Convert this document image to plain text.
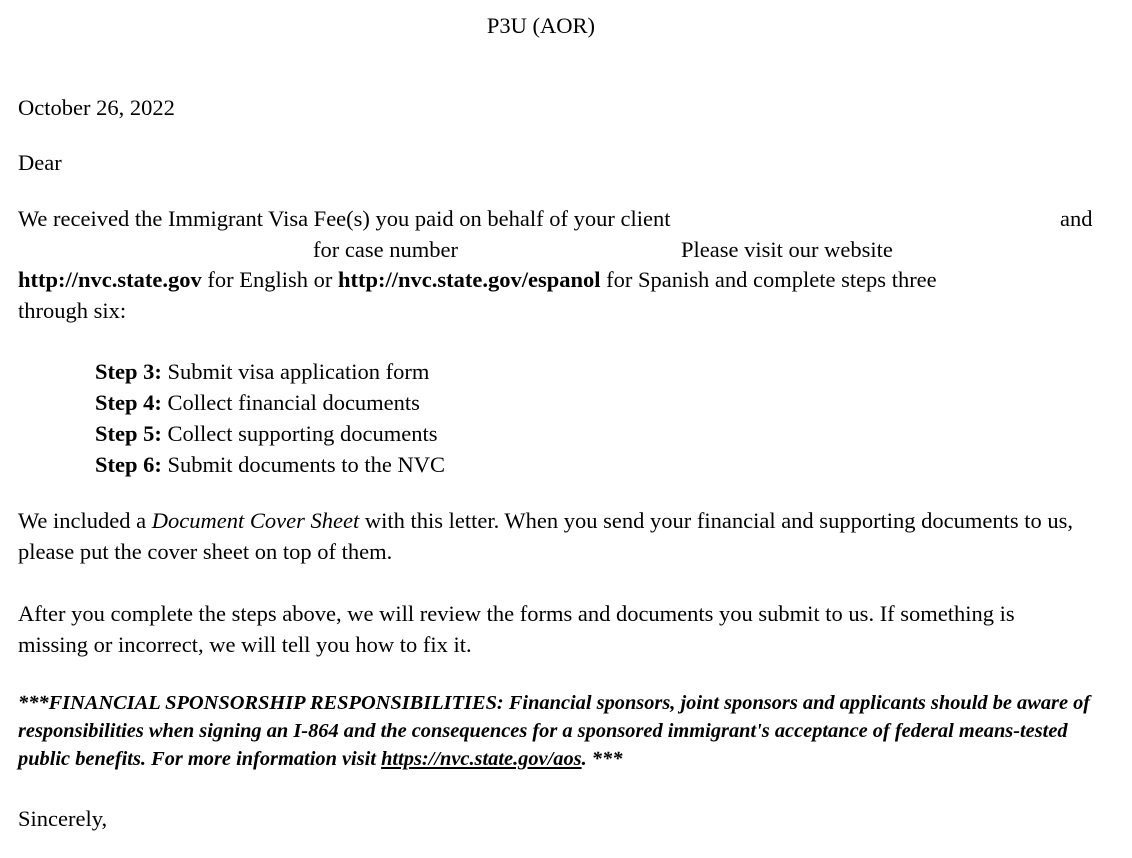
P3U (AOR)
October 26, 2022
Dear
We received the Immigrant Visa Fee(s) you paid on behalf of your client	and
for case number	Please visit our website
http://nvc.state.gov for English or http://nvc.state.gov/espanol for Spanish and complete steps three
through six:
Step 3: Submit visa application form
Step 4: Collect financial documents
Step 5: Collect supporting documents
Step 6: Submit documents to the NVC
We included a Document Cover Sheet with this letter. When you send your financial and supporting documents to us, please put the cover sheet on top of them.
After you complete the steps above, we will review the forms and documents you submit to us. If something is missing or incorrect, we will tell you how to fix it.
***FINANCIAL SPONSORSHIP RESPONSIBILITIES: Financial sponsors, joint sponsors and applicants should be aware of responsibilities when signing an I-864 and the consequences for a sponsored immigrant's acceptance of federal means-tested public benefits. For more information visit https://nvc.state.gov/aos. ***
Sincerely,
